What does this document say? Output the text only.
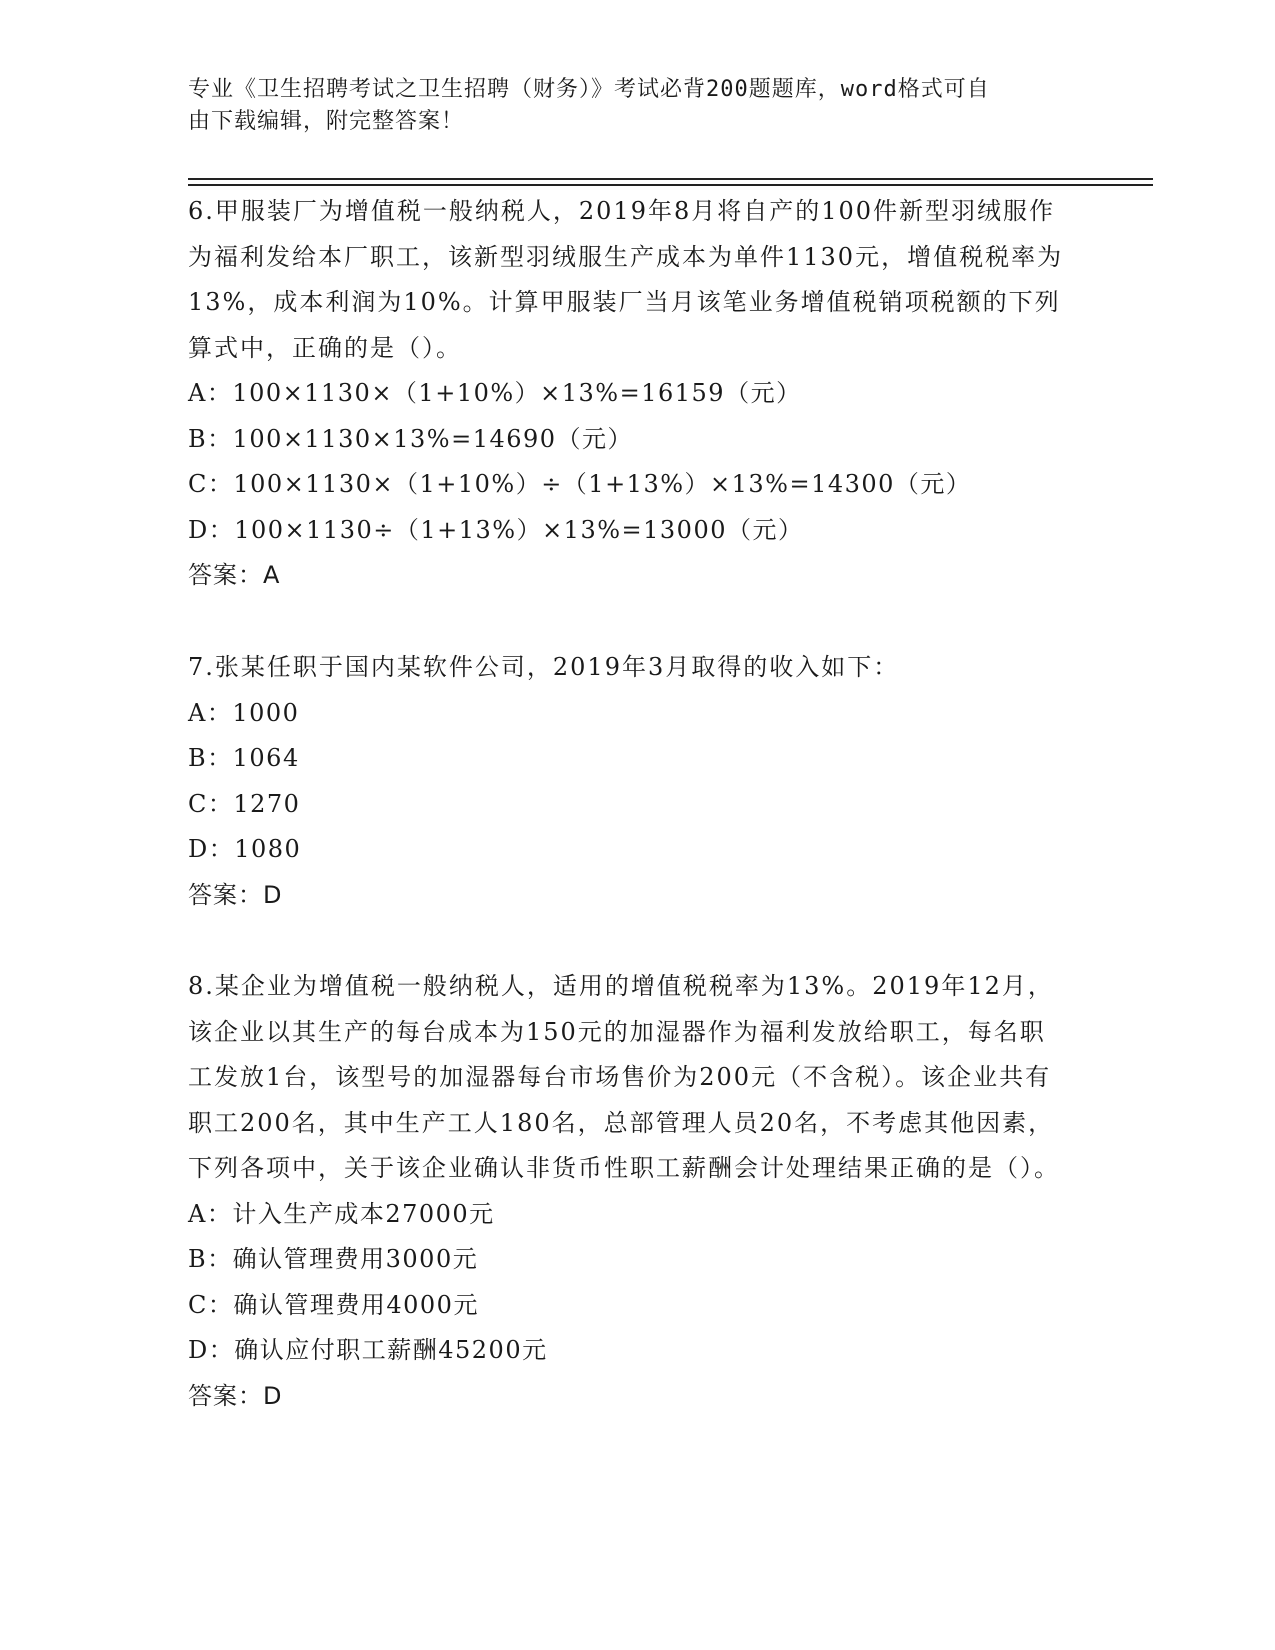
专业《卫生招聘考试之卫生招聘（财务）》考试必背200题题库，word格式可自
由下载编辑，附完整答案！

6.甲服装厂为增值税一般纳税人，2019年8月将自产的100件新型羽绒服作为福利发给本厂职工，该新型羽绒服生产成本为单件1130元，增值税税率为13%，成本利润为10%。计算甲服装厂当月该笔业务增值税销项税额的下列算式中，正确的是（）。

A：100×1130×（1+10%）×13%=16159（元）

B：100×1130×13%=14690（元）

C：100×1130×（1+10%）÷（1+13%）×13%=14300（元）

D：100×1130÷（1+13%）×13%=13000（元）

答案：A

7.张某任职于国内某软件公司，2019年3月取得的收入如下：

A：1000

B：1064

C：1270

D：1080

答案：D

8.某企业为增值税一般纳税人，适用的增值税税率为13%。2019年12月，该企业以其生产的每台成本为150元的加湿器作为福利发放给职工，每名职工发放1台，该型号的加湿器每台市场售价为200元（不含税）。该企业共有职工200名，其中生产工人180名，总部管理人员20名，不考虑其他因素，下列各项中，关于该企业确认非货币性职工薪酬会计处理结果正确的是（）。

A：计入生产成本27000元

B：确认管理费用3000元

C：确认管理费用4000元

D：确认应付职工薪酬45200元

答案：D
